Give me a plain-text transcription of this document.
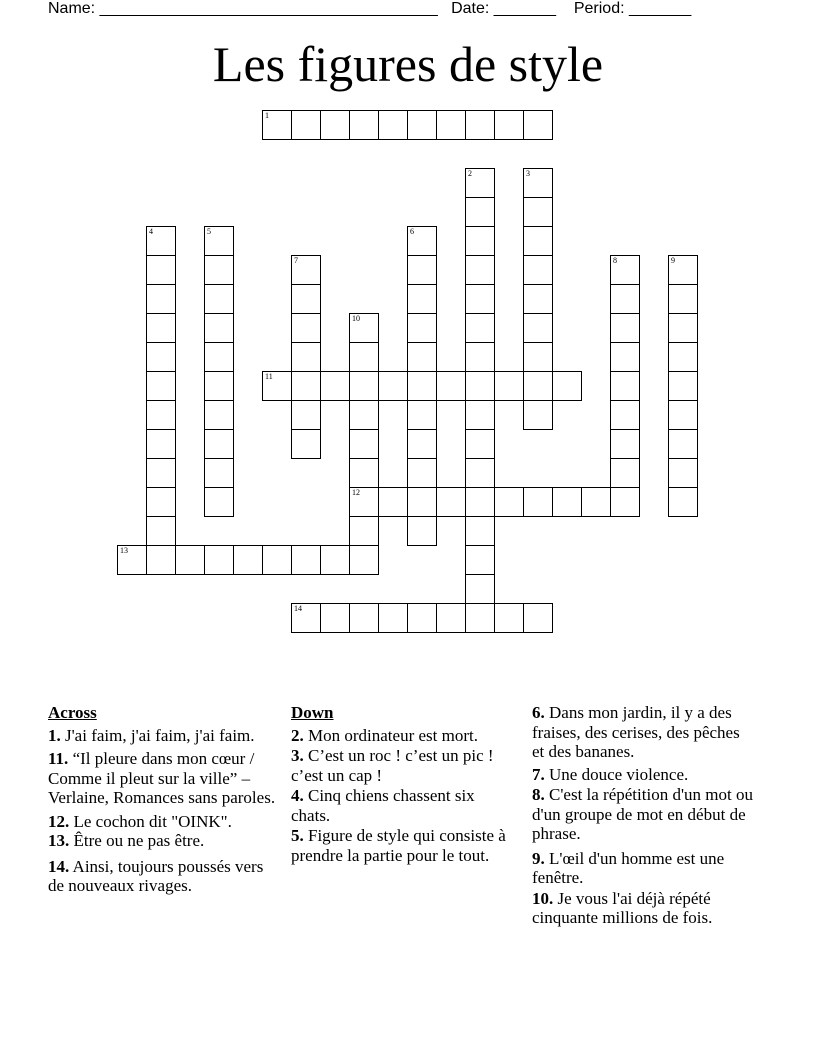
Name: ______________________________________ Date: _______ Period: _______
Les figures de style
1
2	3
4	5	6
7	8	9
10
12
11
13
14
Across
1. J'ai faim, j'ai faim, j'ai faim.
11. “Il pleure dans mon cœur / Comme il pleut sur la ville” – Verlaine, Romances sans paroles.
12. Le cochon dit "OINK".
13. Être ou ne pas être.
14. Ainsi, toujours poussés vers de nouveaux rivages.
Down
2. Mon ordinateur est mort.
3. C’est un roc ! c’est un pic ! c’est un cap !
4. Cinq chiens chassent six chats.
5. Figure de style qui consiste à prendre la partie pour le tout.
6. Dans mon jardin, il y a des fraises, des cerises, des pêches et des bananes.
7. Une douce violence.
8. C'est la répétition d'un mot ou d'un groupe de mot en début de phrase.
9. L'œil d'un homme est une fenêtre.
10. Je vous l'ai déjà répété cinquante millions de fois.
